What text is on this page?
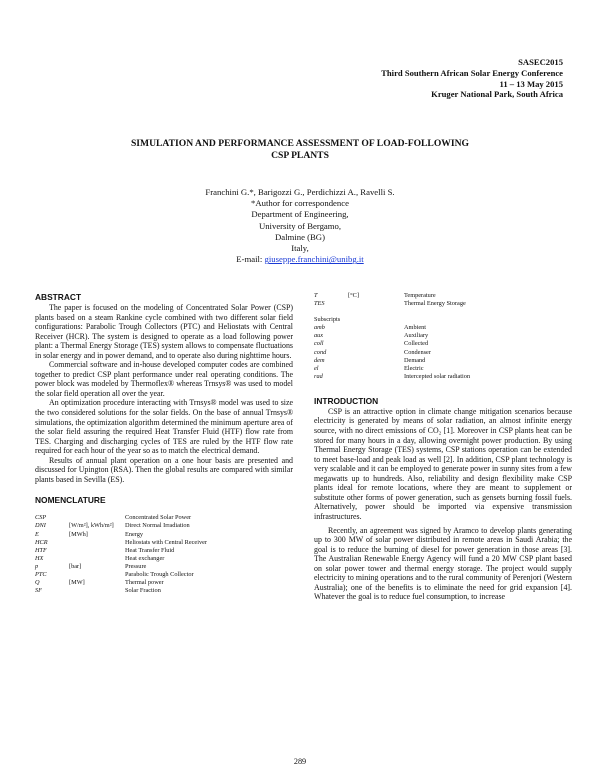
SASEC2015
Third Southern African Solar Energy Conference
11 – 13 May 2015
Kruger National Park, South Africa
SIMULATION AND PERFORMANCE ASSESSMENT OF LOAD-FOLLOWING
CSP PLANTS
Franchini G.*, Barigozzi G., Perdichizzi A., Ravelli S.
*Author for correspondence
Department of Engineering,
University of Bergamo,
Dalmine (BG)
Italy,
E-mail: giuseppe.franchini@unibg.it
ABSTRACT

The paper is focused on the modeling of Concentrated Solar Power (CSP) plants based on a steam Rankine cycle combined with two different solar field configurations: Parabolic Trough Collectors (PTC) and Heliostats with Central Receiver (HCR). The system is designed to operate as a load following power plant: a Thermal Energy Storage (TES) system allows to compensate fluctuations in solar energy and in power demand, and to operate also during nighttime hours.

Commercial software and in-house developed computer codes are combined together to predict CSP plant performance under real operating conditions. The power block was modeled by Thermoflex® whereas Trnsys® was used to model the solar field operation all over the year.

An optimization procedure interacting with Trnsys® model was used to size the two considered solutions for the solar fields. On the base of annual Trnsys® simulations, the optimization algorithm determined the minimum aperture area of the solar field assuring the required Heat Transfer Fluid (HTF) flow rate from TES. Charging and discharging cycles of TES are ruled by the HTF flow rate required for each hour of the year so as to match the electrical demand.

Results of annual plant operation on a one hour basis are presented and discussed for Upington (RSA). Then the global results are compared with similar plants based in Sevilla (ES).

NOMENCLATURE
CSP	Concentrated Solar Power
DNI	[W/m²], kWh/m²]	Direct Normal Irradiation
E	[MWh]	Energy
HCR	Heliostats with Central Receiver
HTF	Heat Transfer Fluid
HX	Heat exchanger
p	[bar]	Pressure
PTC	Parabolic Trough Collector
Q	[MW]	Thermal power
SF	Solar Fraction
T	[°C]	Temperature
TES	Thermal Energy Storage
Subscripts
amb	Ambient
aux	Auxiliary
coll	Collected
cond	Condenser
dem	Demand
el	Electric
rad	Intercepted solar radiation
INTRODUCTION

CSP is an attractive option in climate change mitigation scenarios because electricity is generated by means of solar radiation, an almost infinite energy source, with no direct emissions of CO₂ [1]. Moreover in CSP plants heat can be stored for many hours in a day, allowing overnight power production. By using Thermal Energy Storage (TES) systems, CSP stations operation can be extended to meet base-load and peak load as well [2]. In addition, CSP plant technology is very scalable and it can be employed to generate power in sunny sites from a few megawatts up to hundreds. Also, reliability and design flexibility make CSP plants ideal for remote locations, where they are meant to supplement or substitute other forms of power generation, such as gensets burning fossil fuels. Alternatively, power should be imported via expensive transmission infrastructures.

Recently, an agreement was signed by Aramco to develop plants generating up to 300 MW of solar power distributed in remote areas in Saudi Arabia; the goal is to reduce the burning of diesel for power generation in those areas [3]. The Australian Renewable Energy Agency will fund a 20 MW CSP plant based on solar power tower and thermal energy storage. The project would supply electricity to mining operations and to the rural community of Perenjori (Western Australia); one of the benefits is to eliminate the need for grid expansion [4]. Whatever the goal is to reduce fuel consumption, to increase

289
